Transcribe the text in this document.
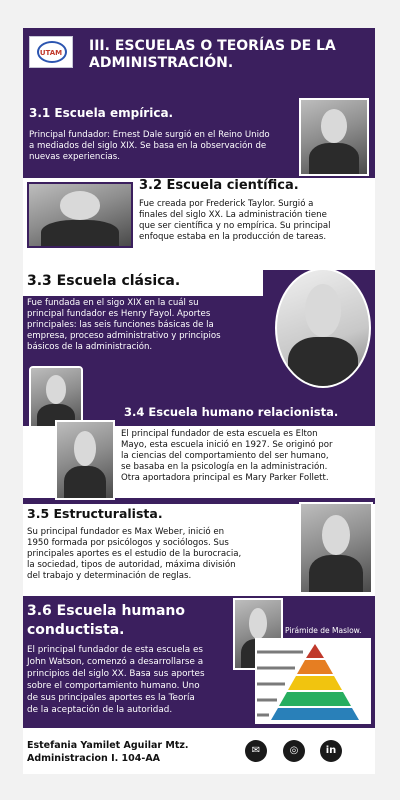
UTAM	III. ESCUELAS O TEORÍAS DE LA
ADMINISTRACIÓN.
3.1 Escuela empírica.
Principal fundador: Ernest Dale surgió en el Reino Unido
a mediados del siglo XIX. Se basa en la observación de
nuevas experiencias.
3.2 Escuela científica.
Fue creada por Frederick Taylor. Surgió a
finales del siglo XX. La administración tiene
que ser científica y no empírica. Su principal
enfoque estaba en la producción de tareas.
3.3 Escuela clásica.
Fue fundada en el sigo XIX en la cuál su
principal fundador es Henry Fayol. Aportes
principales: las seis funciones básicas de la
empresa, proceso administrativo y principios
básicos de la administración.
3.4 Escuela humano relacionista.
El principal fundador de esta escuela es Elton
Mayo, esta escuela inició en 1927. Se originó por
la ciencias del comportamiento del ser humano,
se basaba en la psicología en la administración.
Otra aportadora principal es Mary Parker Follett.
3.5 Estructuralista.
Su principal fundador es Max Weber, inició en
1950 formada por psicólogos y sociólogos. Sus
principales aportes es el estudio de la burocracia,
la sociedad, tipos de autoridad, máxima división
del trabajo y determinación de reglas.
3.6 Escuela humano
conductista.
El principal fundador de esta escuela es
John Watson, comenzó a desarrollarse a
principios del siglo XX. Basa sus aportes
sobre el comportamiento humano. Uno
de sus principales aportes es la Teoría
de la aceptación de la autoridad.
Pirámide de Maslow.
Estefania Yamilet Aguilar Mtz.
Administracion I. 104-AA
✉	◎	in
